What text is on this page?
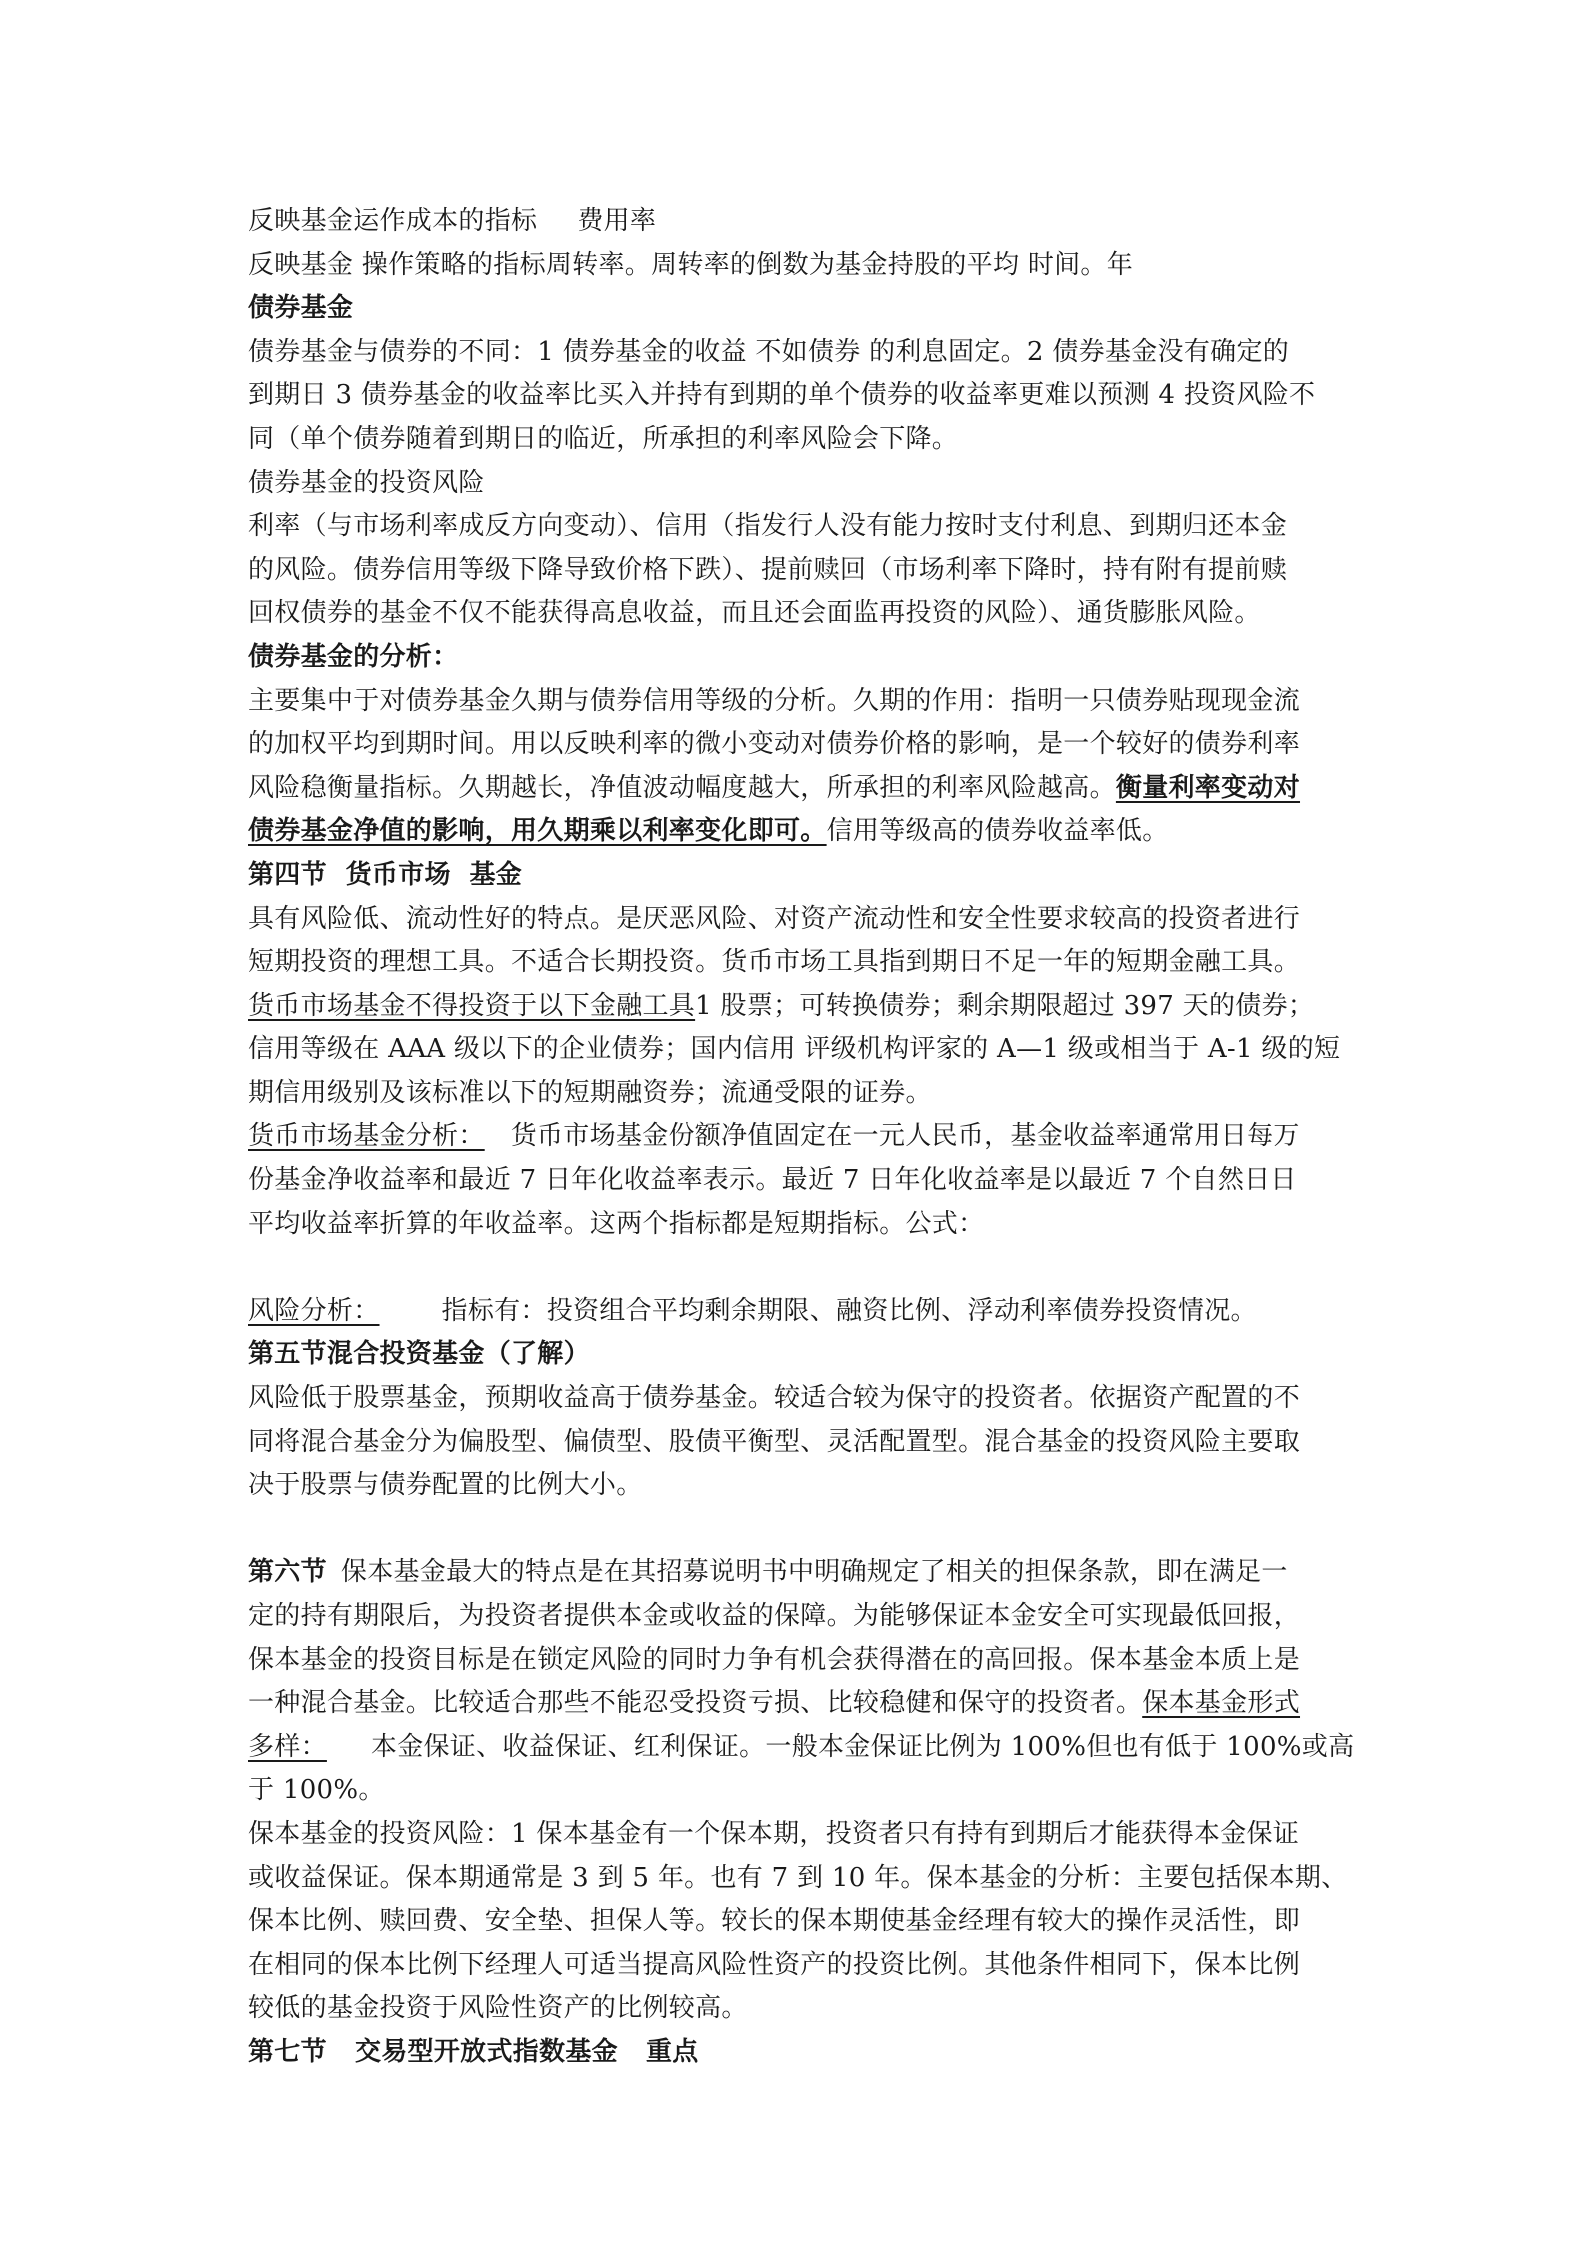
反映基金运作成本的指标 费用率
反映基金 操作策略的指标周转率。周转率的倒数为基金持股的平均 时间。年
债券基金
债券基金与债券的不同：1 债券基金的收益 不如债券 的利息固定。2 债券基金没有确定的
到期日 3 债券基金的收益率比买入并持有到期的单个债券的收益率更难以预测 4 投资风险不
同（单个债券随着到期日的临近，所承担的利率风险会下降。
债券基金的投资风险
利率（与市场利率成反方向变动）、信用（指发行人没有能力按时支付利息、到期归还本金
的风险。债券信用等级下降导致价格下跌）、提前赎回（市场利率下降时，持有附有提前赎
回权债券的基金不仅不能获得高息收益，而且还会面监再投资的风险）、通货膨胀风险。
债券基金的分析：
主要集中于对债券基金久期与债券信用等级的分析。久期的作用：指明一只债券贴现现金流
的加权平均到期时间。用以反映利率的微小变动对债券价格的影响，是一个较好的债券利率
风险稳衡量指标。久期越长，净值波动幅度越大，所承担的利率风险越高。衡量利率变动对
债券基金净值的影响，用久期乘以利率变化即可。信用等级高的债券收益率低。
第四节  货币市场  基金
具有风险低、流动性好的特点。是厌恶风险、对资产流动性和安全性要求较高的投资者进行
短期投资的理想工具。不适合长期投资。货币市场工具指到期日不足一年的短期金融工具。
货币市场基金不得投资于以下金融工具1 股票；可转换债券；剩余期限超过 397 天的债券；
信用等级在 AAA 级以下的企业债券；国内信用 评级机构评家的 A—1 级或相当于 A-1 级的短
期信用级别及该标准以下的短期融资券；流通受限的证券。
货币市场基金分析： 货币市场基金份额净值固定在一元人民币，基金收益率通常用日每万
份基金净收益率和最近 7 日年化收益率表示。最近 7 日年化收益率是以最近 7 个自然日日
平均收益率折算的年收益率。这两个指标都是短期指标。公式：
风险分析： 指标有：投资组合平均剩余期限、融资比例、浮动利率债券投资情况。
第五节混合投资基金（了解）
风险低于股票基金，预期收益高于债券基金。较适合较为保守的投资者。依据资产配置的不
同将混合基金分为偏股型、偏债型、股债平衡型、灵活配置型。混合基金的投资风险主要取
决于股票与债券配置的比例大小。
第六节 保本基金最大的特点是在其招募说明书中明确规定了相关的担保条款，即在满足一
定的持有期限后，为投资者提供本金或收益的保障。为能够保证本金安全可实现最低回报，
保本基金的投资目标是在锁定风险的同时力争有机会获得潜在的高回报。保本基金本质上是
一种混合基金。比较适合那些不能忍受投资亏损、比较稳健和保守的投资者。保本基金形式
多样： 本金保证、收益保证、红利保证。一般本金保证比例为 100%但也有低于 100%或高
于 100%。
保本基金的投资风险：1 保本基金有一个保本期，投资者只有持有到期后才能获得本金保证
或收益保证。保本期通常是 3 到 5 年。也有 7 到 10 年。保本基金的分析：主要包括保本期、
保本比例、赎回费、安全垫、担保人等。较长的保本期使基金经理有较大的操作灵活性，即
在相同的保本比例下经理人可适当提高风险性资产的投资比例。其他条件相同下，保本比例
较低的基金投资于风险性资产的比例较高。
第七节   交易型开放式指数基金   重点
